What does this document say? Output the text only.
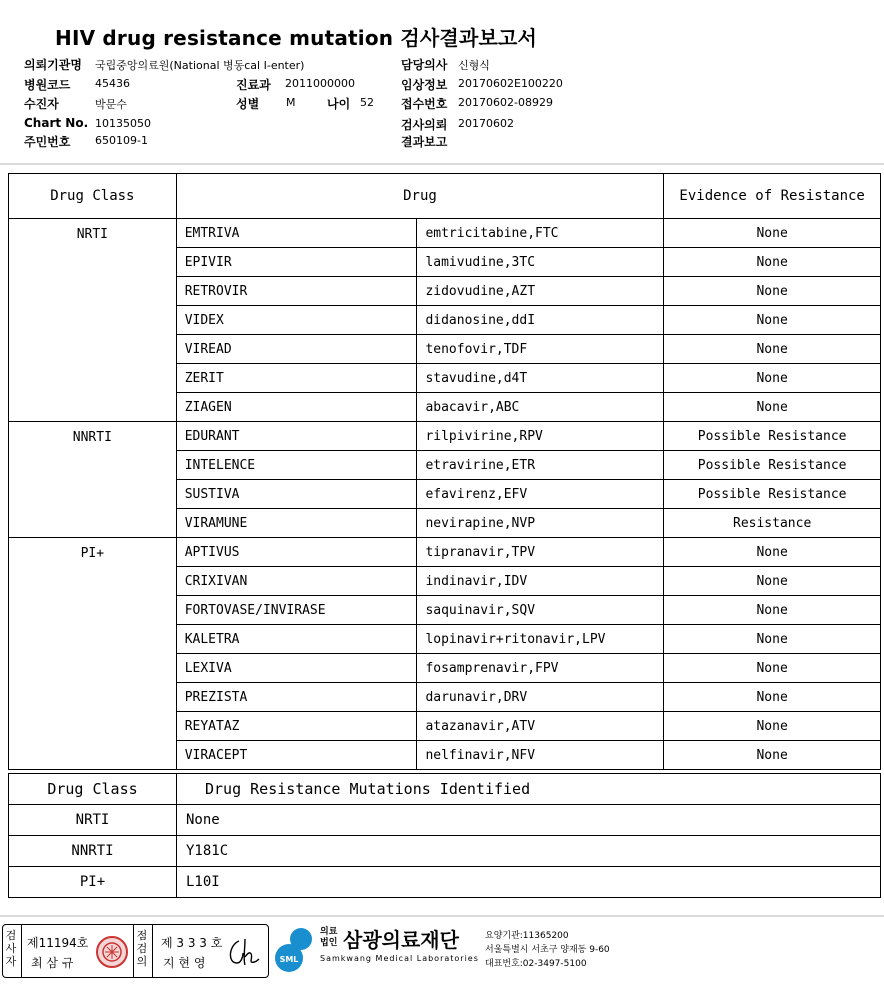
HIV drug resistance mutation 검사결과보고서
의뢰기관명 국립중앙의료원(National 병동cal I-enter)
병원코드 45436	진료과 2011000000
수진자	박문수	성별 M	나이 52
Chart No. 10135050
주민번호 650109-1
담당의사 신형식
임상정보 20170602E100220
접수번호 20170602-08929
검사의뢰 20170602
결과보고
Drug Class	Drug		Evidence of Resistance
NRTI	EMTRIVA	emtricitabine,FTC	None
	EPIVIR	lamivudine,3TC	None
	RETROVIR	zidovudine,AZT	None
	VIDEX	didanosine,ddI	None
	VIREAD	tenofovir,TDF	None
	ZERIT	stavudine,d4T	None
	ZIAGEN	abacavir,ABC	None
NNRTI	EDURANT	rilpivirine,RPV	Possible Resistance
	INTELENCE	etravirine,ETR	Possible Resistance
	SUSTIVA	efavirenz,EFV	Possible Resistance
	VIRAMUNE	nevirapine,NVP	Resistance
PI+	APTIVUS	tipranavir,TPV	None
	CRIXIVAN	indinavir,IDV	None
	FORTOVASE/INVIRASE	saquinavir,SQV	None
	KALETRA	lopinavir+ritonavir,LPV	None
	LEXIVA	fosamprenavir,FPV	None
	PREZISTA	darunavir,DRV	None
	REYATAZ	atazanavir,ATV	None
	VIRACEPT	nelfinavir,NFV	None
Drug Class	Drug Resistance Mutations Identified
NRTI	None
NNRTI	Y181C
PI+	L10I
검사자
제11194호
최 삼 규
점검의
제 3 3 3 호
지 현 영	SML
의료
법인 삼광의료재단
Samkwang Medical Laboratories
요양기관:11365200
서울특별시 서초구 양재동 9-60
대표번호:02-3497-5100
